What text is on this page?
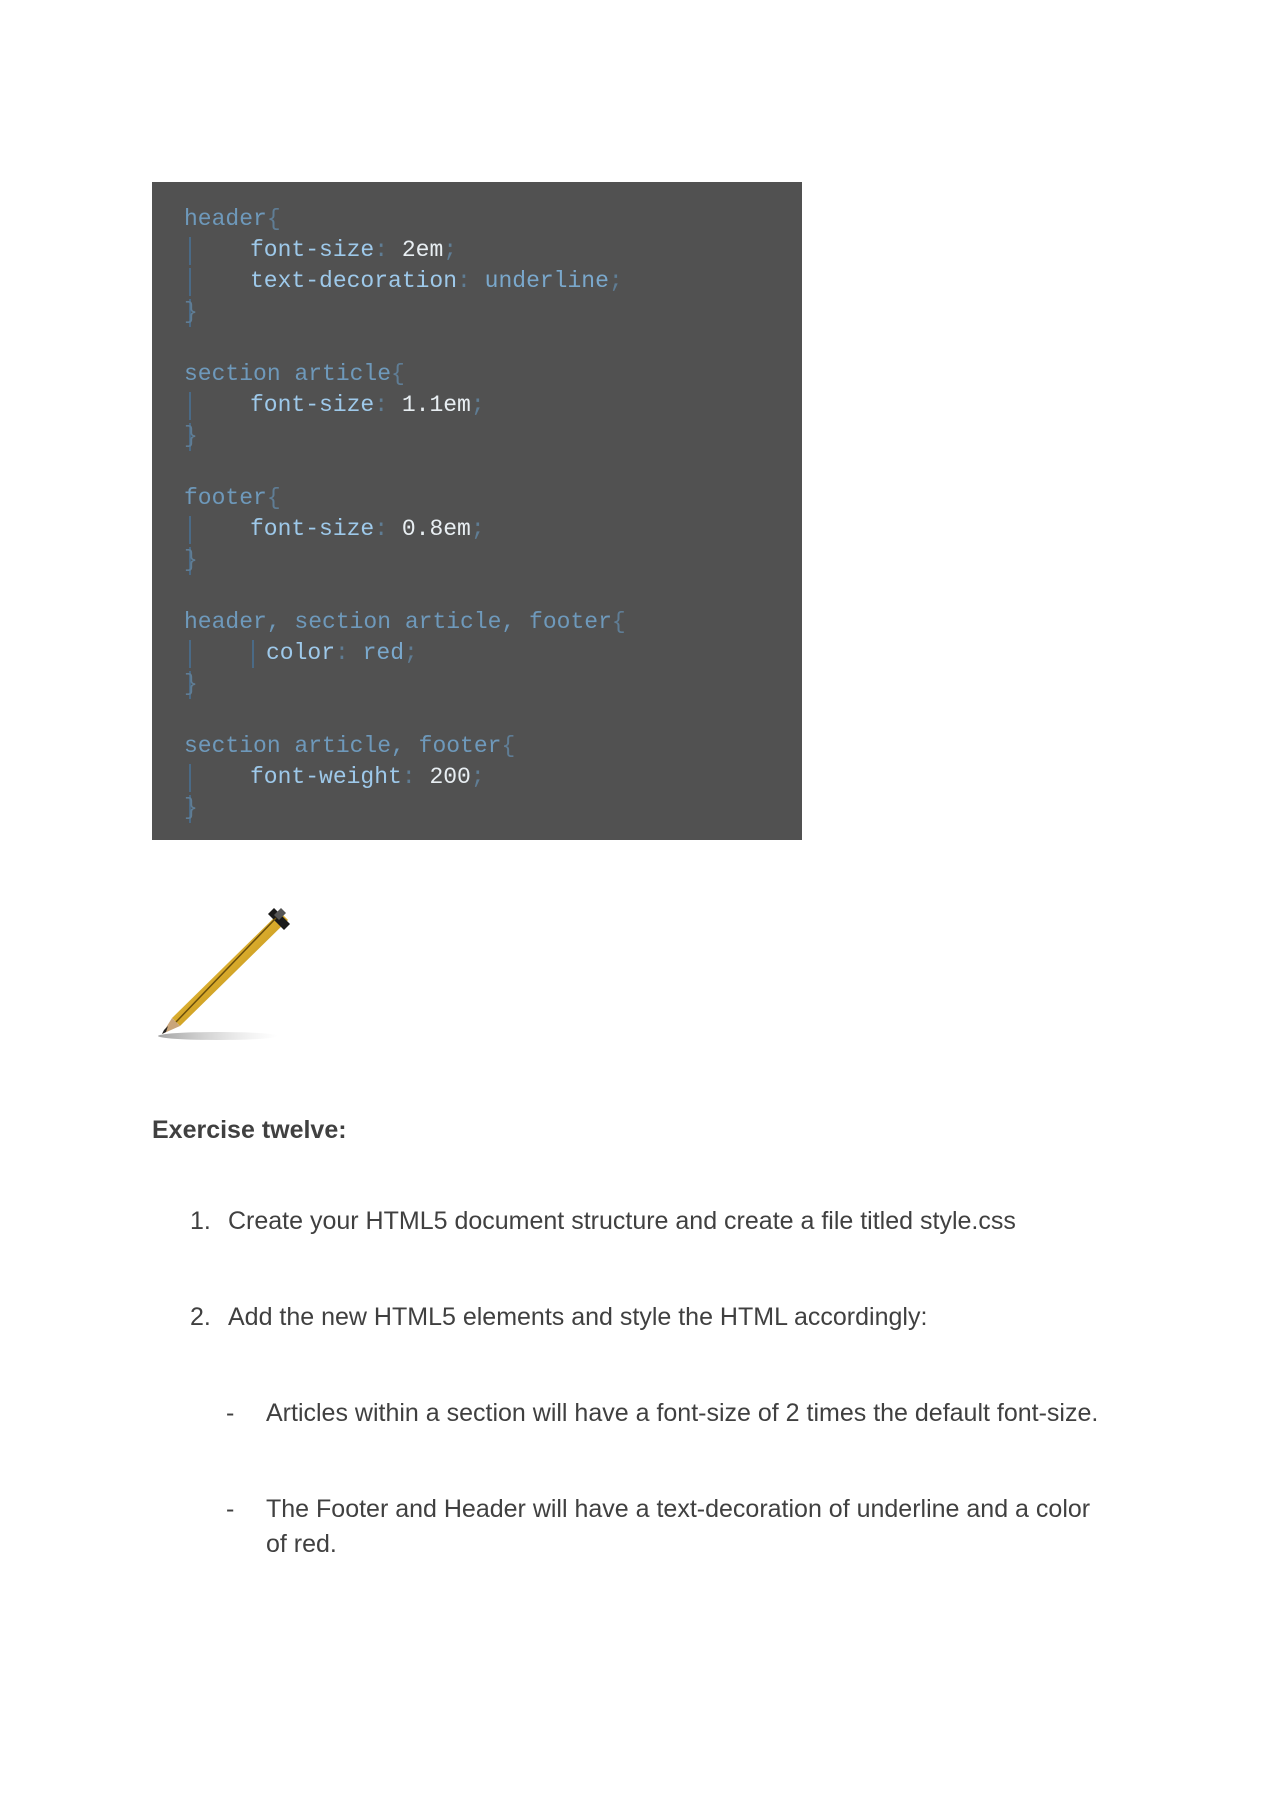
header{
font-size: 2em;
text-decoration: underline;
}
section article{
font-size: 1.1em;
}
footer{
font-size: 0.8em;
}
header, section article, footer{
color: red;
}
section article, footer{
font-weight: 200;
}
Exercise twelve:
1. Create your HTML5 document structure and create a file titled style.css
2. Add the new HTML5 elements and style the HTML accordingly:
- Articles within a section will have a font-size of 2 times the default font-size.
- The Footer and Header will have a text-decoration of underline and a color
of red.
